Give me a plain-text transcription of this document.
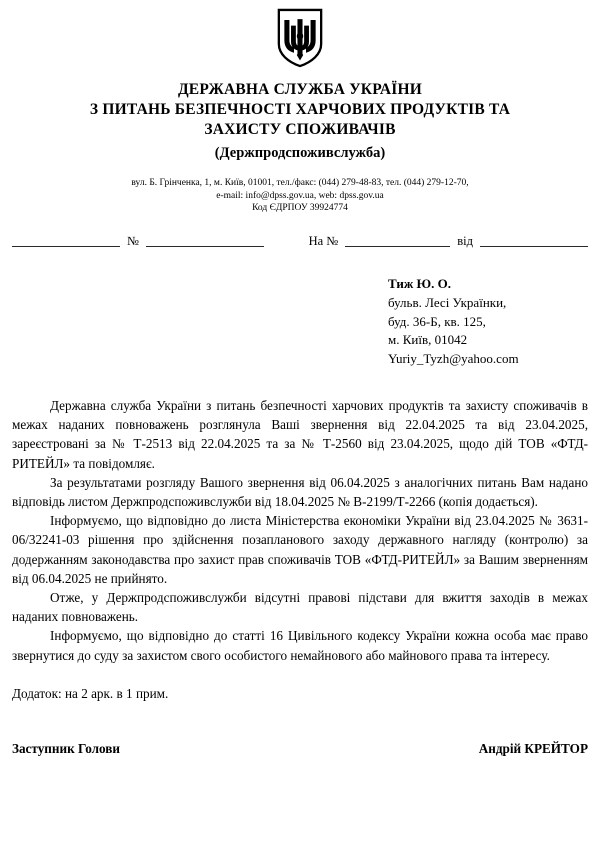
ДЕРЖАВНА СЛУЖБА УКРАЇНИ
З ПИТАНЬ БЕЗПЕЧНОСТІ ХАРЧОВИХ ПРОДУКТІВ ТА
ЗАХИСТУ СПОЖИВАЧІВ
(Держпродспоживслужба)
вул. Б. Грінченка, 1, м. Київ, 01001, тел./факс: (044) 279-48-83, тел. (044) 279-12-70,
e-mail: info@dpss.gov.ua, web: dpss.gov.ua
Код ЄДРПОУ 39924774
№	На №	від
Тиж Ю. О.
бульв. Лесі Українки,
буд. 36-Б, кв. 125,
м. Київ, 01042
Yuriy_Tyzh@yahoo.com

Державна служба України з питань безпечності харчових продуктів та захисту споживачів в межах наданих повноважень розглянула Ваші звернення від 22.04.2025 та від 23.04.2025, зареєстровані за № Т-2513 від 22.04.2025 та за № Т-2560 від 23.04.2025, щодо дій ТОВ «ФТД-РИТЕЙЛ» та повідомляє.

За результатами розгляду Вашого звернення від 06.04.2025 з аналогічних питань Вам надано відповідь листом Держпродспоживслужби від 18.04.2025 № В-2199/Т-2266 (копія додається).

Інформуємо, що відповідно до листа Міністерства економіки України від 23.04.2025 № 3631-06/32241-03 рішення про здійснення позапланового заходу державного нагляду (контролю) за додержанням законодавства про захист прав споживачів ТОВ «ФТД-РИТЕЙЛ» за Вашим зверненням від 06.04.2025 не прийнято.

Отже, у Держпродспоживслужби відсутні правові підстави для вжиття заходів в межах наданих повноважень.

Інформуємо, що відповідно до статті 16 Цивільного кодексу України кожна особа має право звернутися до суду за захистом свого особистого немайнового або майнового права та інтересу.

Додаток: на 2 арк. в 1 прим.
Заступник Голови	Андрій КРЕЙТОР
